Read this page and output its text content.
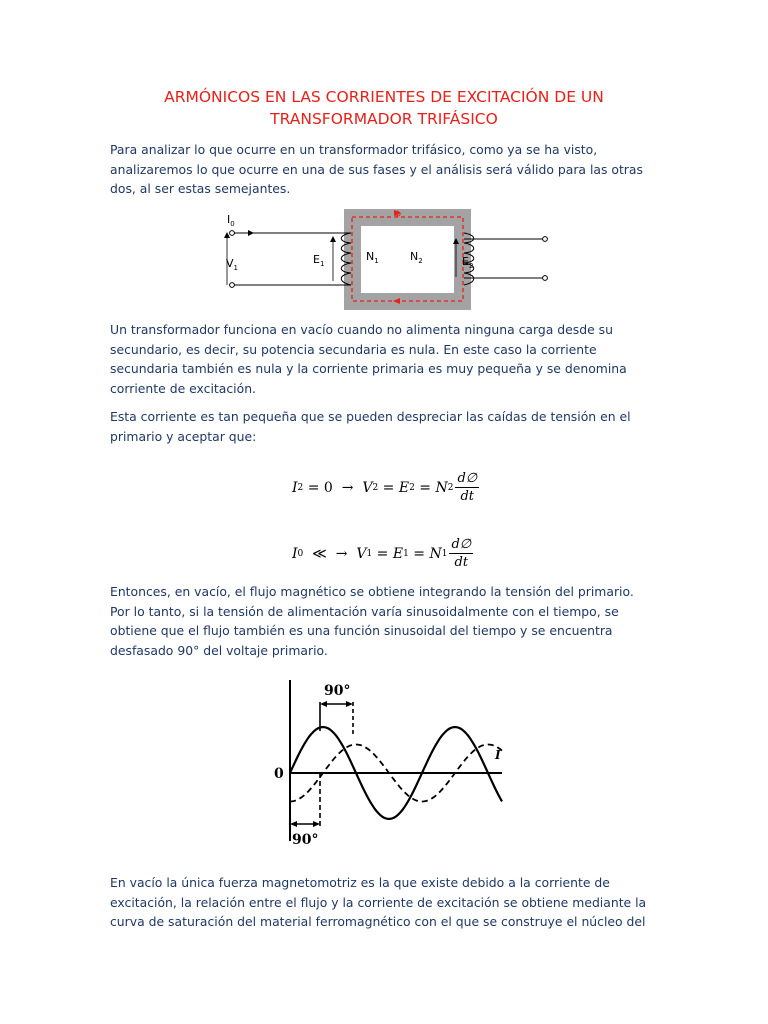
ARMÓNICOS EN LAS CORRIENTES DE EXCITACIÓN DE UN
TRANSFORMADOR TRIFÁSICO
Para analizar lo que ocurre en un transformador trifásico, como ya se ha visto,
analizaremos lo que ocurre en una de sus fases y el análisis será válido para las otras
dos, al ser estas semejantes.
Φ
$I_0$
$V_1$
$E_1$
$N_1$	$N_2$	$E_2$
Un transformador funciona en vacío cuando no alimenta ninguna carga desde su
secundario, es decir, su potencia secundaria es nula. En este caso la corriente
secundaria también es nula y la corriente primaria es muy pequeña y se denomina
corriente de excitación.
Esta corriente es tan pequeña que se pueden despreciar las caídas de tensión en el
primario y aceptar que:
I 2 = 0  → V 2 = E 2 = N $2 \frac{d\emptyset}{dt}$
I 0 ≪  → V 1 = E 1 = N $1 \frac{d\emptyset}{dt}$
Entonces, en vacío, el flujo magnético se obtiene integrando la tensión del primario.
Por lo tanto, si la tensión de alimentación varía sinusoidalmente con el tiempo, se
obtiene que el flujo también es una función sinusoidal del tiempo y se encuentra
desfasado 90° del voltaje primario.
90°
90°
0
I
En vacío la única fuerza magnetomotriz es la que existe debido a la corriente de
excitación, la relación entre el flujo y la corriente de excitación se obtiene mediante la
curva de saturación del material ferromagnético con el que se construye el núcleo del
